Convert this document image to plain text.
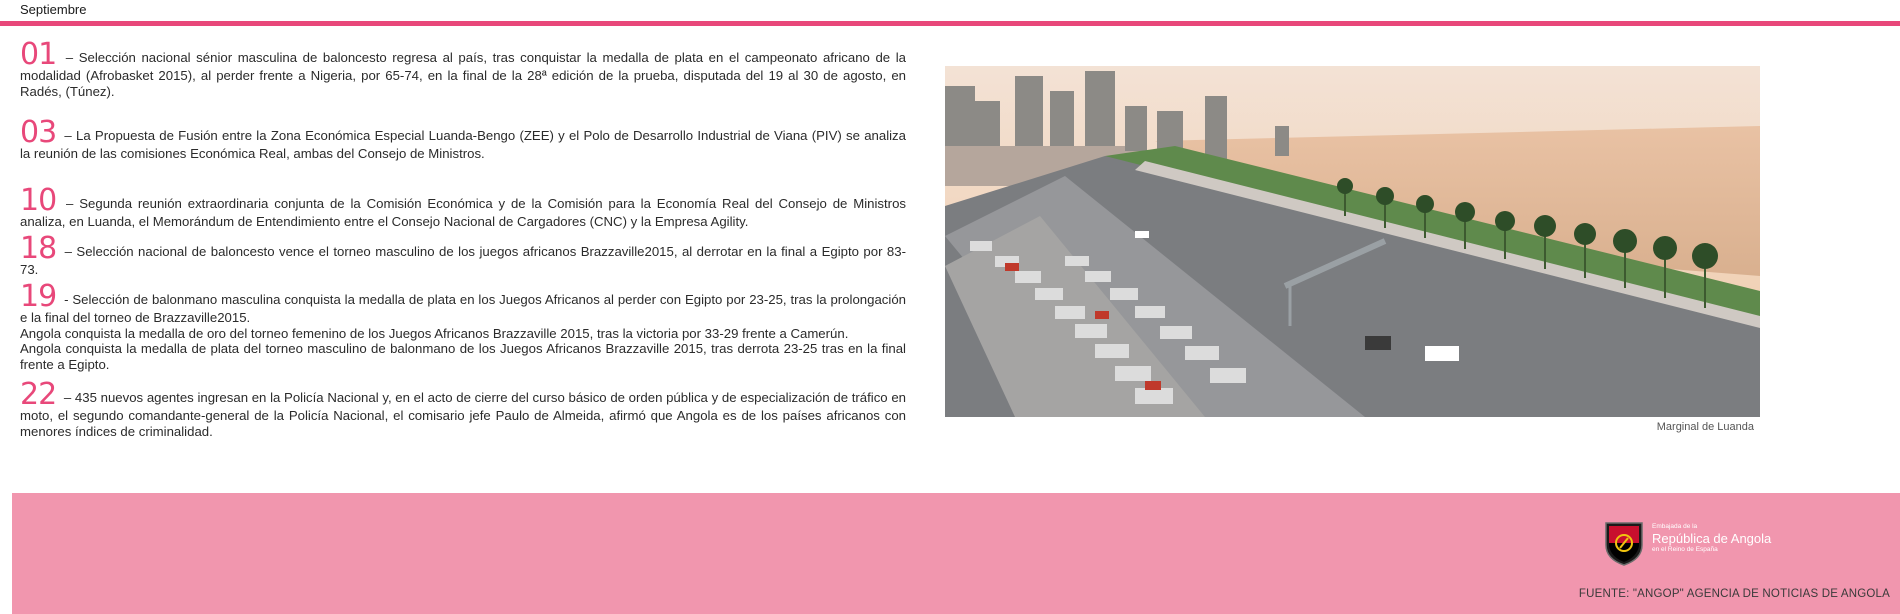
Septiembre

01 – Selección nacional sénior masculina de baloncesto regresa al país, tras conquistar la medalla de plata en el campeonato africano de la modalidad (Afrobasket 2015), al perder frente a Nigeria, por 65-74, en la final de la 28ª edición de la prueba, disputada del 19 al 30 de agosto, en Radés, (Túnez).

03 – La Propuesta de Fusión entre la Zona Económica Especial Luanda-Bengo (ZEE) y el Polo de Desarrollo Industrial de Viana (PIV) se analiza la reunión de las comisiones Económica Real, ambas del Consejo de Ministros.

10 – Segunda reunión extraordinaria conjunta de la Comisión Económica y de la Comisión para la Economía Real del Consejo de Ministros analiza, en Luanda, el Memorándum de Entendimiento entre el Consejo Nacional de Cargadores (CNC) y la Empresa Agility.

18 – Selección nacional de baloncesto vence el torneo masculino de los juegos africanos Brazzaville2015, al derrotar en la final a Egipto por 83-73.

19 - Selección de balonmano masculina conquista la medalla de plata en los Juegos Africanos al perder con Egipto por 23-25, tras la prolongación e la final del torneo de Brazzaville2015.
Angola conquista la medalla de oro del torneo femenino de los Juegos Africanos Brazzaville 2015, tras la victoria por 33-29 frente a Camerún.
Angola conquista la medalla de plata del torneo masculino de balonmano de los Juegos Africanos Brazzaville 2015, tras derrota 23-25 tras en la final frente a Egipto.

22 – 435 nuevos agentes ingresan en la Policía Nacional y, en el acto de cierre del curso básico de orden pública y de especialización de tráfico en moto, el segundo comandante-general de la Policía Nacional, el comisario jefe Paulo de Almeida, afirmó que Angola es de los países africanos con menores índices de criminalidad.	Marginal de Luanda
Embajada de la
República de Angola
en el Reino de España
FUENTE: "ANGOP" AGENCIA DE NOTICIAS DE ANGOLA
